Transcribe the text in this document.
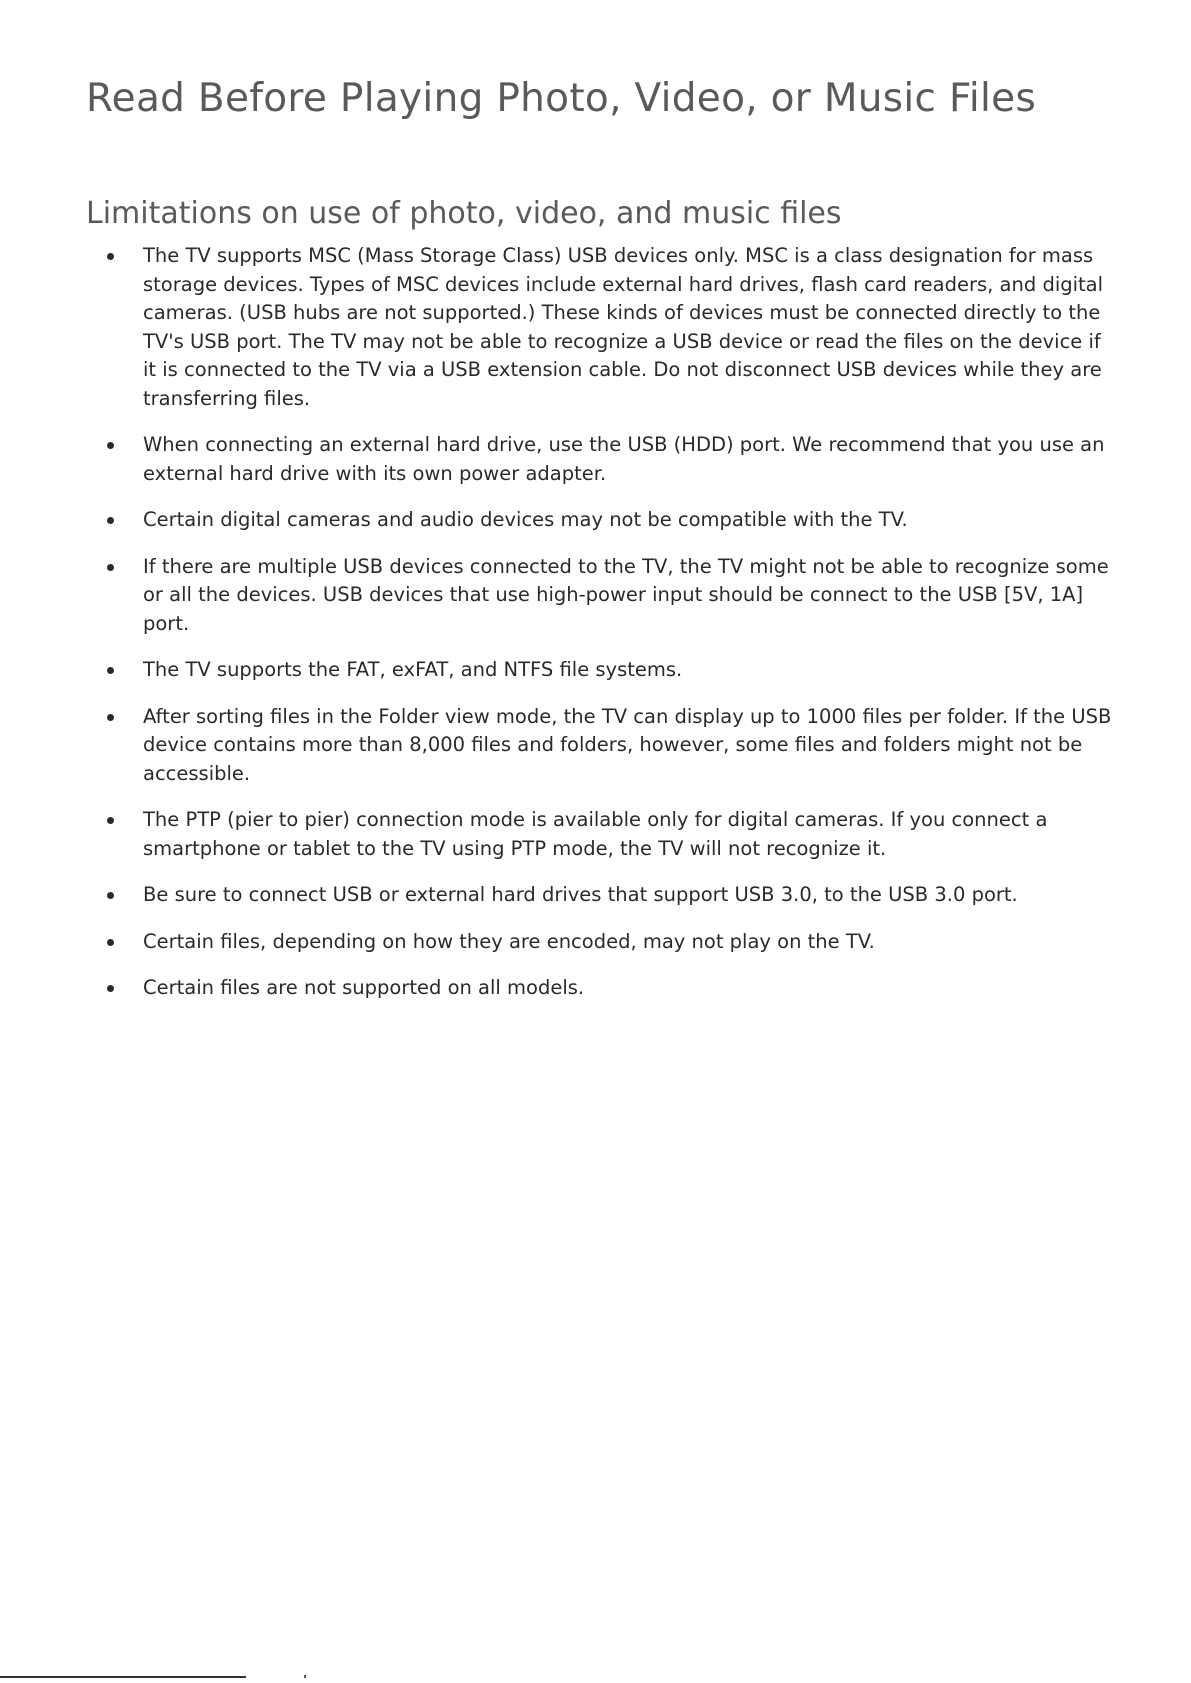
Read Before Playing Photo, Video, or Music Files
Limitations on use of photo, video, and music files
The TV supports MSC (Mass Storage Class) USB devices only. MSC is a class designation for mass storage devices. Types of MSC devices include external hard drives, flash card readers, and digital cameras. (USB hubs are not supported.) These kinds of devices must be connected directly to the TV's USB port. The TV may not be able to recognize a USB device or read the files on the device if it is connected to the TV via a USB extension cable. Do not disconnect USB devices while they are transferring files.
When connecting an external hard drive, use the USB (HDD) port. We recommend that you use an external hard drive with its own power adapter.
Certain digital cameras and audio devices may not be compatible with the TV.
If there are multiple USB devices connected to the TV, the TV might not be able to recognize some or all the devices. USB devices that use high-power input should be connect to the USB [5V, 1A] port.
The TV supports the FAT, exFAT, and NTFS file systems.
After sorting files in the Folder view mode, the TV can display up to 1000 files per folder. If the USB device contains more than 8,000 files and folders, however, some files and folders might not be accessible.
The PTP (pier to pier) connection mode is available only for digital cameras. If you connect a smartphone or tablet to the TV using PTP mode, the TV will not recognize it.
Be sure to connect USB or external hard drives that support USB 3.0, to the USB 3.0 port.
Certain files, depending on how they are encoded, may not play on the TV.
Certain files are not supported on all models.
